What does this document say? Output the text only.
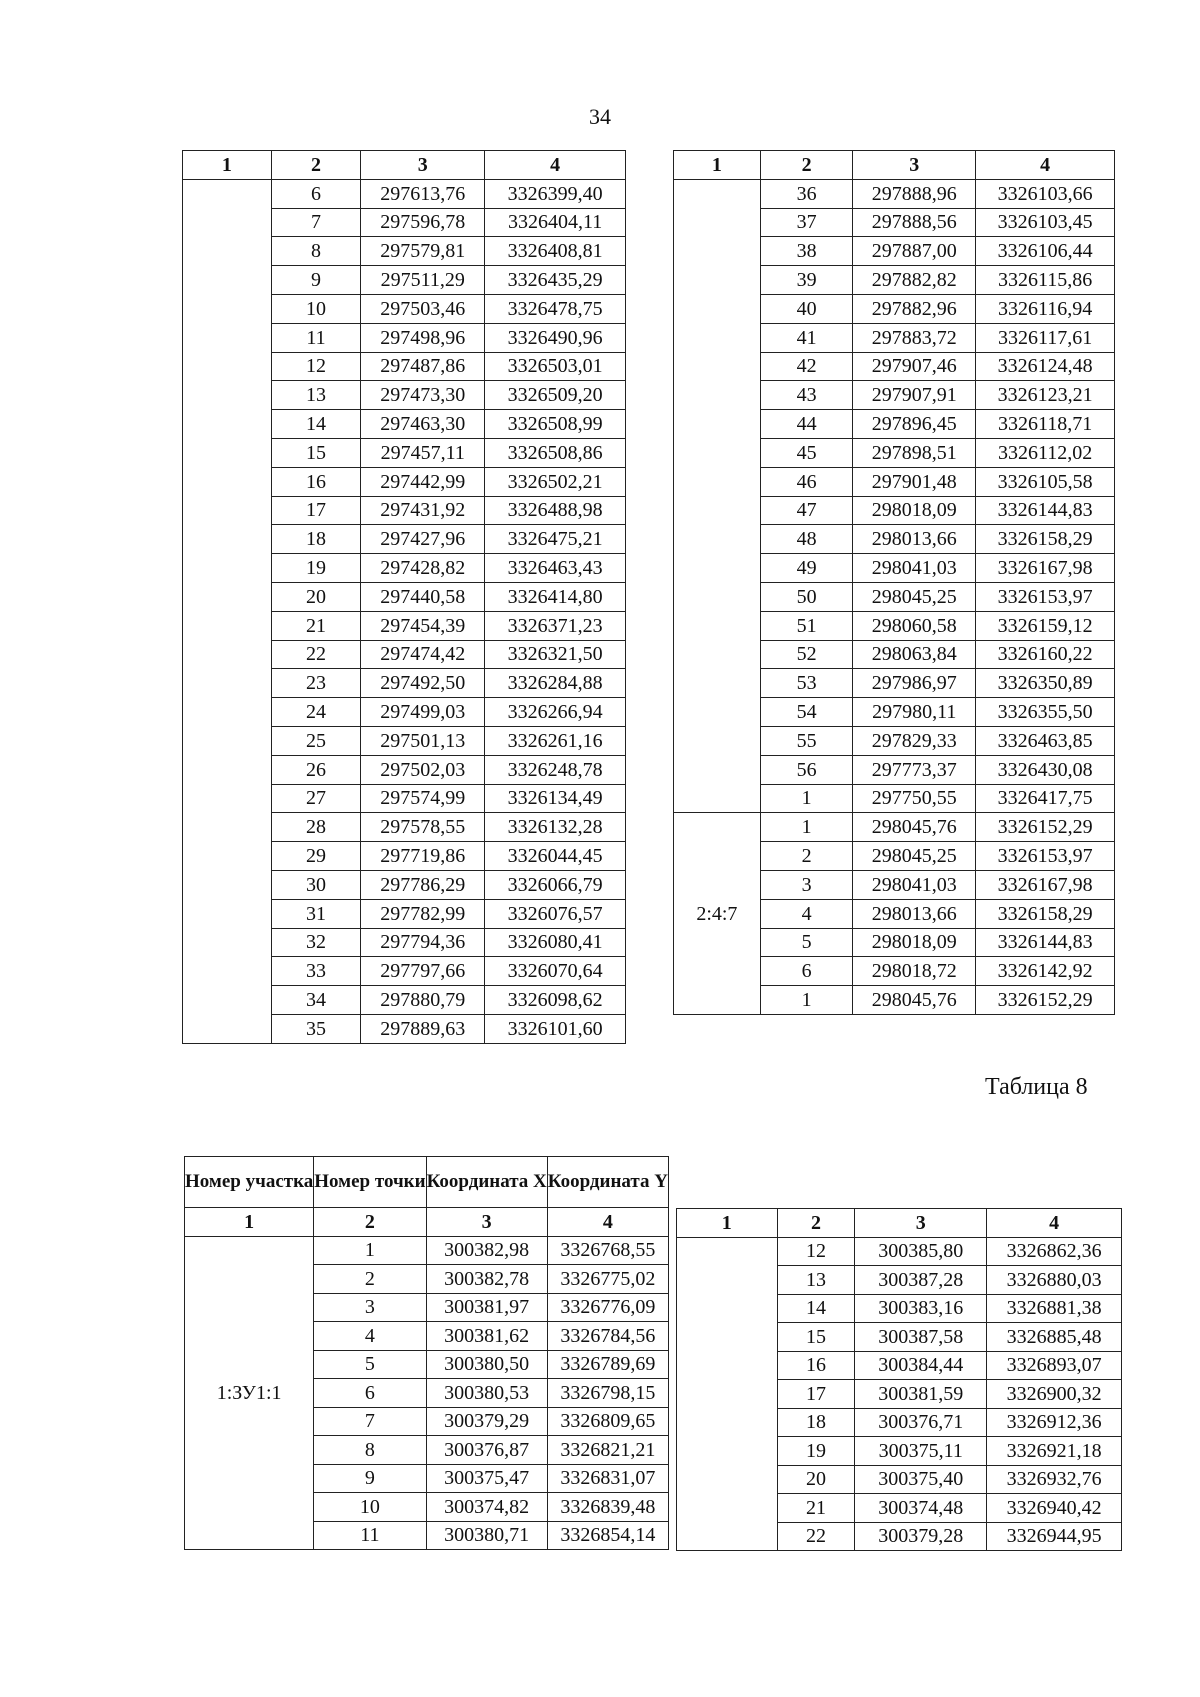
34
1	2	3	4
	6	297613,76	3326399,40
	7	297596,78	3326404,11
	8	297579,81	3326408,81
	9	297511,29	3326435,29
	10	297503,46	3326478,75
	11	297498,96	3326490,96
	12	297487,86	3326503,01
	13	297473,30	3326509,20
	14	297463,30	3326508,99
	15	297457,11	3326508,86
	16	297442,99	3326502,21
	17	297431,92	3326488,98
	18	297427,96	3326475,21
	19	297428,82	3326463,43
	20	297440,58	3326414,80
	21	297454,39	3326371,23
	22	297474,42	3326321,50
	23	297492,50	3326284,88
	24	297499,03	3326266,94
	25	297501,13	3326261,16
	26	297502,03	3326248,78
	27	297574,99	3326134,49
	28	297578,55	3326132,28
	29	297719,86	3326044,45
	30	297786,29	3326066,79
	31	297782,99	3326076,57
	32	297794,36	3326080,41
	33	297797,66	3326070,64
	34	297880,79	3326098,62
	35	297889,63	3326101,60
1	2	3	4
	36	297888,96	3326103,66
	37	297888,56	3326103,45
	38	297887,00	3326106,44
	39	297882,82	3326115,86
	40	297882,96	3326116,94
	41	297883,72	3326117,61
	42	297907,46	3326124,48
	43	297907,91	3326123,21
	44	297896,45	3326118,71
	45	297898,51	3326112,02
	46	297901,48	3326105,58
	47	298018,09	3326144,83
	48	298013,66	3326158,29
	49	298041,03	3326167,98
	50	298045,25	3326153,97
	51	298060,58	3326159,12
	52	298063,84	3326160,22
	53	297986,97	3326350,89
	54	297980,11	3326355,50
	55	297829,33	3326463,85
	56	297773,37	3326430,08
	1	297750,55	3326417,75
2:4:7	1	298045,76	3326152,29
	2	298045,25	3326153,97
	3	298041,03	3326167,98
	4	298013,66	3326158,29
	5	298018,09	3326144,83
	6	298018,72	3326142,92
	1	298045,76	3326152,29
Таблица 8
Номер участка	Номер точки	Координата X	Координата Y
1	2	3	4
1:ЗУ1:1	1	300382,98	3326768,55
	2	300382,78	3326775,02
	3	300381,97	3326776,09
	4	300381,62	3326784,56
	5	300380,50	3326789,69
	6	300380,53	3326798,15
	7	300379,29	3326809,65
	8	300376,87	3326821,21
	9	300375,47	3326831,07
	10	300374,82	3326839,48
	11	300380,71	3326854,14
1	2	3	4
	12	300385,80	3326862,36
	13	300387,28	3326880,03
	14	300383,16	3326881,38
	15	300387,58	3326885,48
	16	300384,44	3326893,07
	17	300381,59	3326900,32
	18	300376,71	3326912,36
	19	300375,11	3326921,18
	20	300375,40	3326932,76
	21	300374,48	3326940,42
	22	300379,28	3326944,95
